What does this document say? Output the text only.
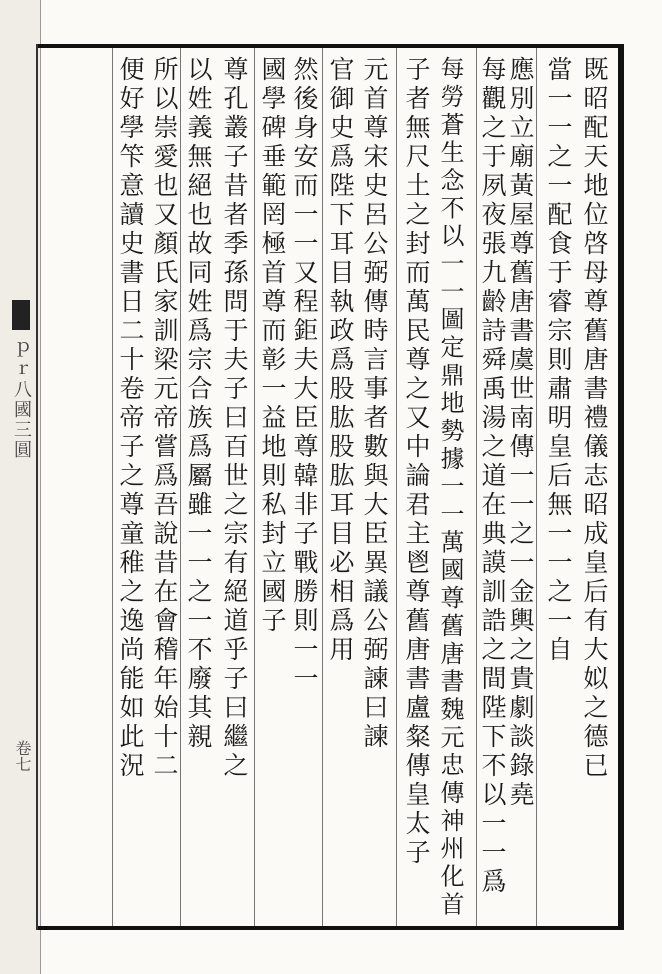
ｐｒ八國三圓
卷七	既昭配天地位啓母尊舊唐書禮儀志昭成皇后有大姒之德已
當一一之一配食于睿宗則肅明皇后無一一之一自
應別立廟黃屋尊舊唐書虞世南傳一一之一金輿之貴劇談錄堯
每觀之于夙夜張九齡詩舜禹湯之道在典謨訓誥之間陛下不以一一爲
每勞蒼生念不以一一圖定鼎地勢據一一萬國尊舊唐書魏元忠傳神州化首
子者無尺土之封而萬民尊之又中論君主鬯尊舊唐書盧粲傳皇太子
元首尊宋史呂公弼傳時言事者數與大臣異議公弼諫曰諫
官御史爲陛下耳目執政爲股肱股肱耳目必相爲用
然後身安而一一又程鉅夫大臣尊韓非子戰勝則一一
國學碑垂範罔極首尊而彰一益地則私封立國子
尊孔叢子昔者季孫問于夫子曰百世之宗有絕道乎子曰繼之
以姓義無絕也故同姓爲宗合族爲屬雖一一之一不廢其親
所以崇愛也又顏氏家訓梁元帝嘗爲吾說昔在會稽年始十二
便好學笇意讀史書日二十卷帝子之尊童稚之逸尚能如此況
